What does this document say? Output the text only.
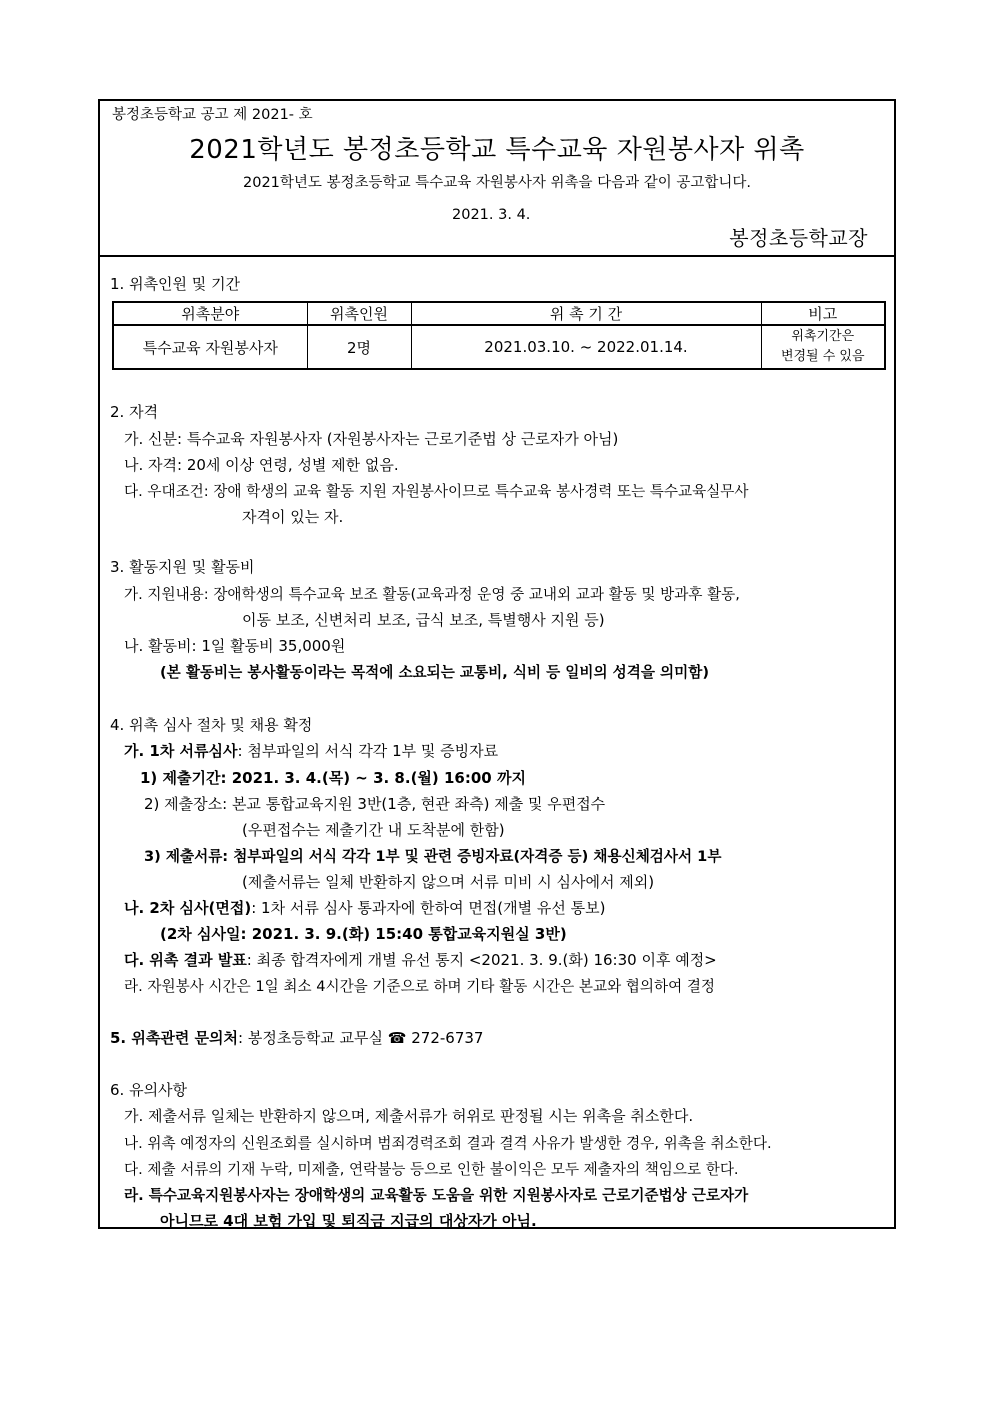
봉정초등학교 공고 제 2021- 호
2021학년도 봉정초등학교 특수교육 자원봉사자 위촉
2021학년도 봉정초등학교 특수교육 자원봉사자 위촉을 다음과 같이 공고합니다.
2021. 3. 4.
봉정초등학교장
1. 위촉인원 및 기간
위촉분야	위촉인원	위 촉 기 간	비고
특수교육 자원봉사자	2명	2021.03.10. ~ 2022.01.14.	위촉기간은
변경될 수 있음
2. 자격
가. 신분: 특수교육 자원봉사자 (자원봉사자는 근로기준법 상 근로자가 아님)
나. 자격: 20세 이상 연령, 성별 제한 없음.
다. 우대조건: 장애 학생의 교육 활동 지원 자원봉사이므로 특수교육 봉사경력 또는 특수교육실무사
자격이 있는 자.
3. 활동지원 및 활동비
가. 지원내용: 장애학생의 특수교육 보조 활동(교육과정 운영 중 교내외 교과 활동 및 방과후 활동,
이동 보조, 신변처리 보조, 급식 보조, 특별행사 지원 등)
나. 활동비: 1일 활동비 35,000원
(본 활동비는 봉사활동이라는 목적에 소요되는 교통비, 식비 등 일비의 성격을 의미함)
4. 위촉 심사 절차 및 채용 확정
가. 1차 서류심사: 첨부파일의 서식 각각 1부 및 증빙자료
1) 제출기간: 2021. 3. 4.(목) ~ 3. 8.(월) 16:00 까지
2) 제출장소: 본교 통합교육지원 3반(1층, 현관 좌측) 제출 및 우편접수
(우편접수는 제출기간 내 도착분에 한함)
3) 제출서류: 첨부파일의 서식 각각 1부 및 관련 증빙자료(자격증 등) 채용신체검사서 1부
(제출서류는 일체 반환하지 않으며 서류 미비 시 심사에서 제외)
나. 2차 심사(면접): 1차 서류 심사 통과자에 한하여 면접(개별 유선 통보)
(2차 심사일: 2021. 3. 9.(화) 15:40 통합교육지원실 3반)
다. 위촉 결과 발표: 최종 합격자에게 개별 유선 통지 <2021. 3. 9.(화) 16:30 이후 예정>
라. 자원봉사 시간은 1일 최소 4시간을 기준으로 하며 기타 활동 시간은 본교와 협의하여 결정
5. 위촉관련 문의처: 봉정초등학교 교무실 ☎ 272-6737
6. 유의사항
가. 제출서류 일체는 반환하지 않으며, 제출서류가 허위로 판정될 시는 위촉을 취소한다.
나. 위촉 예정자의 신원조회를 실시하며 범죄경력조회 결과 결격 사유가 발생한 경우, 위촉을 취소한다.
다. 제출 서류의 기재 누락, 미제출, 연락불능 등으로 인한 불이익은 모두 제출자의 책임으로 한다.
라. 특수교육지원봉사자는 장애학생의 교육활동 도움을 위한 지원봉사자로 근로기준법상 근로자가
아니므로 4대 보험 가입 및 퇴직금 지급의 대상자가 아님.
